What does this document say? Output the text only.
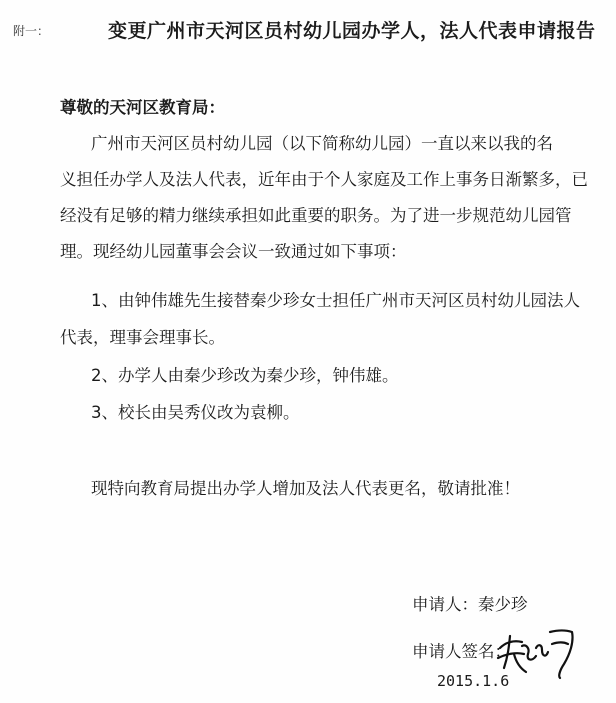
附一：	变更广州市天河区员村幼儿园办学人，法人代表申请报告
尊敬的天河区教育局：
广州市天河区员村幼儿园（以下简称幼儿园）一直以来以我的名
义担任办学人及法人代表，近年由于个人家庭及工作上事务日渐繁多，已
经没有足够的精力继续承担如此重要的职务。为了进一步规范幼儿园管
理。现经幼儿园董事会会议一致通过如下事项：
1、由钟伟雄先生接替秦少珍女士担任广州市天河区员村幼儿园法人
代表，理事会理事长。
2、办学人由秦少珍改为秦少珍，钟伟雄。
3、校长由吴秀仪改为袁柳。
现特向教育局提出办学人增加及法人代表更名，敬请批准！
申请人：秦少珍
申请人签名：
2015.1.6
